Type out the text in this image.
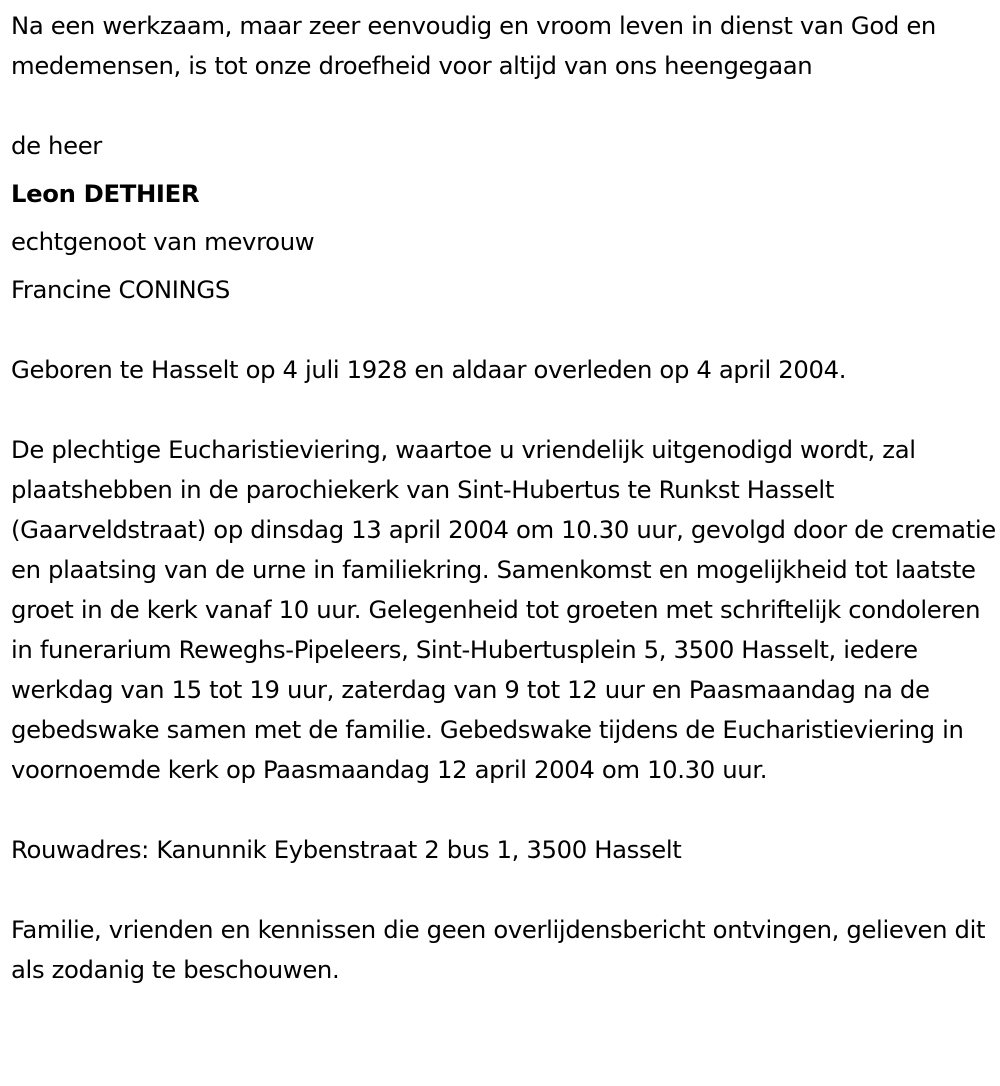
Na een werkzaam, maar zeer eenvoudig en vroom leven in dienst van God en medemensen, is tot onze droefheid voor altijd van ons heengegaan

de heer

Leon DETHIER

echtgenoot van mevrouw

Francine CONINGS

Geboren te Hasselt op 4 juli 1928 en aldaar overleden op 4 april 2004.

De plechtige Eucharistieviering, waartoe u vriendelijk uitgenodigd wordt, zal plaatshebben in de parochiekerk van Sint-Hubertus te Runkst Hasselt (Gaarveldstraat) op dinsdag 13 april 2004 om 10.30 uur, gevolgd door de crematie en plaatsing van de urne in familiekring. Samenkomst en mogelijkheid tot laatste groet in de kerk vanaf 10 uur. Gelegenheid tot groeten met schriftelijk condoleren in funerarium Reweghs-Pipeleers, Sint-Hubertusplein 5, 3500 Hasselt, iedere werkdag van 15 tot 19 uur, zaterdag van 9 tot 12 uur en Paasmaandag na de gebedswake samen met de familie. Gebedswake tijdens de Eucharistieviering in voornoemde kerk op Paasmaandag 12 april 2004 om 10.30 uur.

Rouwadres: Kanunnik Eybenstraat 2 bus 1, 3500 Hasselt

Familie, vrienden en kennissen die geen overlijdensbericht ontvingen, gelieven dit als zodanig te beschouwen.
